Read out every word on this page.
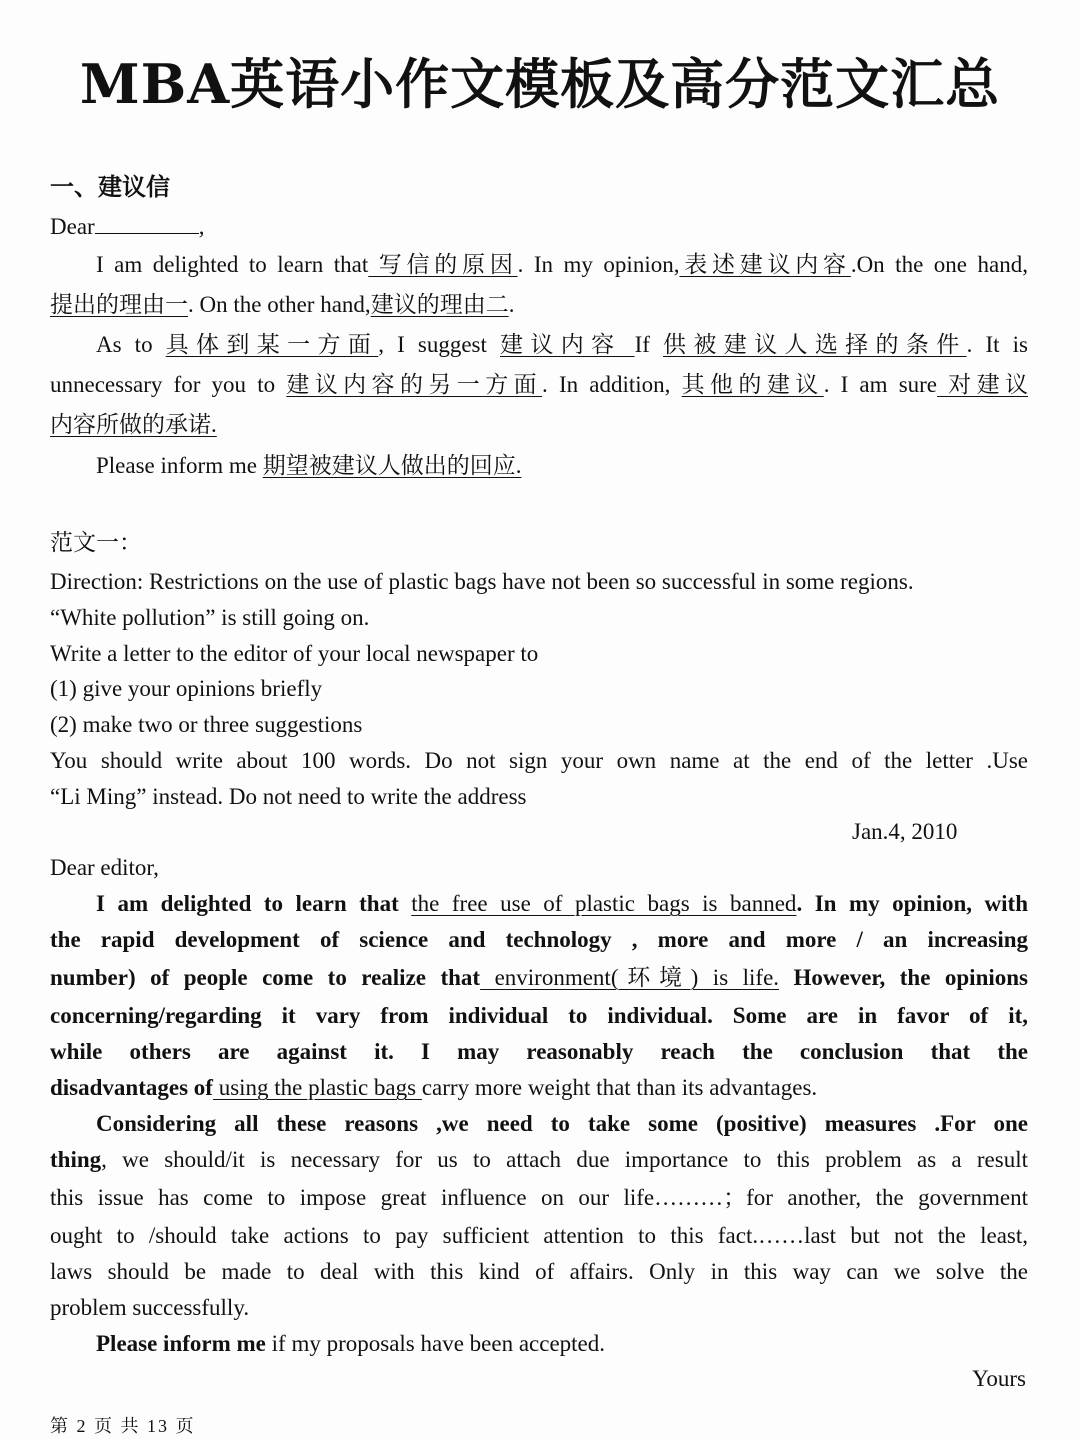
MBA英语小作文模板及高分范文汇总
一、建议信
Dear	,
I am delighted to learn that 写信的原因. In my opinion,表述建议内容.On the one hand,
提出的理由一. On the other hand,建议的理由二.
As to 具体到某一方面, I suggest 建议内容 If 供被建议人选择的条件. It is
unnecessary for you to 建议内容的另一方面. In addition, 其他的建议. I am sure 对建议
内容所做的承诺.
Please inform me 期望被建议人做出的回应.
范文一：
Direction: Restrictions on the use of plastic bags have not been so successful in some regions.
“White pollution” is still going on.
Write a letter to the editor of your local newspaper to
(1) give your opinions briefly
(2) make two or three suggestions
You should write about 100 words. Do not sign your own name at the end of the letter .Use
“Li Ming” instead. Do not need to write the address
Jan.4, 2010
Dear editor,
I am delighted to learn that the free use of plastic bags is banned. In my opinion, with
the rapid development of science and technology , more and more / an increasing
number) of people come to realize that environment(环境) is life. However, the opinions
concerning/regarding it vary from individual to individual. Some are in favor of it,
while others are against it. I may reasonably reach the conclusion that the
disadvantages of using the plastic bags carry more weight that than its advantages.
Considering all these reasons ,we need to take some (positive) measures .For one
thing, we should/it is necessary for us to attach due importance to this problem as a result
this issue has come to impose great influence on our life………；for another, the government
ought to /should take actions to pay sufficient attention to this fact.……last but not the least,
laws should be made to deal with this kind of affairs. Only in this way can we solve the
problem successfully.
Please inform me if my proposals have been accepted.
Yours
第 2 页 共 13 页
